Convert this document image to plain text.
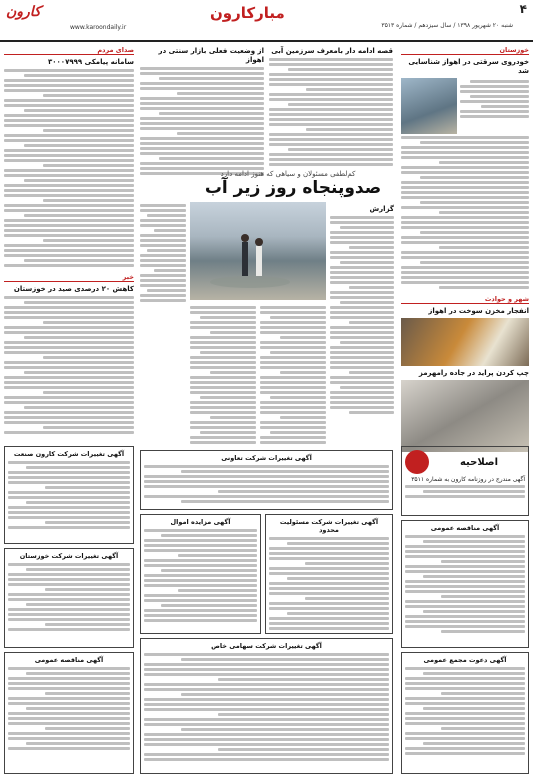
۴
مبارکارون
کارون
شنبه ۲۰ شهریور ۱۳۹۸ / سال سیزدهم / شماره ۳۵۱۳
www.karoondaily.ir
خوزستان
خودروی سرقتی در اهواز شناسایی شد
شهر و حوادث
انفجار مخزن سوخت در اهواز
چپ کردن پراید در جاده رامهرمز
اصلاحیه
آگهی مندرج در روزنامه کارون به شماره ۳۵۱۱
آگهی مناقصه عمومی
آگهی دعوت مجمع عمومی
قصه ادامه دار بامعرف سرزمین آبی
از وضعیت فعلی بازار سنتی در اهواز
کم‌لطفی مسئولان و سیاهی که هنوز ادامه دارد
صدوپنجاه روز زیر آب
گزارش
آگهی تغییرات شرکت تعاونی
آگهی تغییرات شرکت مسئولیت محدود
آگهی مزایده اموال
آگهی تغییرات شرکت سهامی خاص
صدای مردم
سامانه پیامکی ۳۰۰۰۷۹۹۹
خبر
کاهش ۲۰ درصدی صید در خوزستان
آگهی تغییرات شرکت کارون صنعت
آگهی تغییرات شرکت خوزستان
آگهی مناقصه عمومی
